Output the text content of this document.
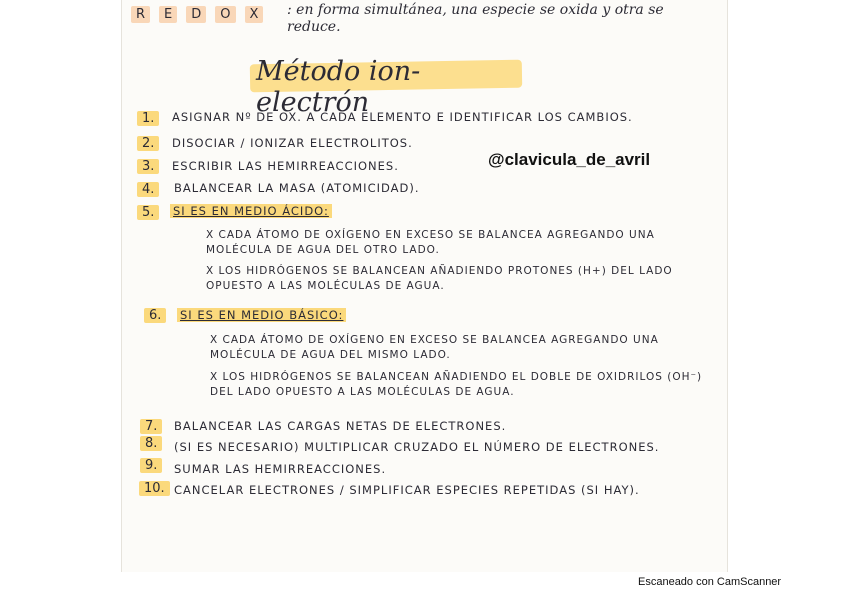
R	E	D	O	X	: en forma simultánea, una especie se oxida y otra se reduce.
Método ion-electrón
@clavicula_de_avril
1.	ASIGNAR Nº DE OX. A CADA ELEMENTO E IDENTIFICAR LOS CAMBIOS.
2.	DISOCIAR / IONIZAR ELECTROLITOS.
3.	ESCRIBIR LAS HEMIRREACCIONES.
4.	BALANCEAR LA MASA (ATOMICIDAD).
5.	SI ES EN MEDIO ÁCIDO:
X CADA ÁTOMO DE OXÍGENO EN EXCESO SE BALANCEA AGREGANDO UNA MOLÉCULA DE AGUA DEL OTRO LADO.
X LOS HIDRÓGENOS SE BALANCEAN AÑADIENDO PROTONES (H+) DEL LADO OPUESTO A LAS MOLÉCULAS DE AGUA.
6.	SI ES EN MEDIO BÁSICO:
X CADA ÁTOMO DE OXÍGENO EN EXCESO SE BALANCEA AGREGANDO UNA MOLÉCULA DE AGUA DEL MISMO LADO.
X LOS HIDRÓGENOS SE BALANCEAN AÑADIENDO EL DOBLE DE OXIDRILOS (OH⁻) DEL LADO OPUESTO A LAS MOLÉCULAS DE AGUA.
7.	BALANCEAR LAS CARGAS NETAS DE ELECTRONES.
8.	(SI ES NECESARIO) MULTIPLICAR CRUZADO EL NÚMERO DE ELECTRONES.
9.	SUMAR LAS HEMIRREACCIONES.
10. CANCELAR ELECTRONES / SIMPLIFICAR ESPECIES REPETIDAS (SI HAY).
Escaneado con CamScanner
